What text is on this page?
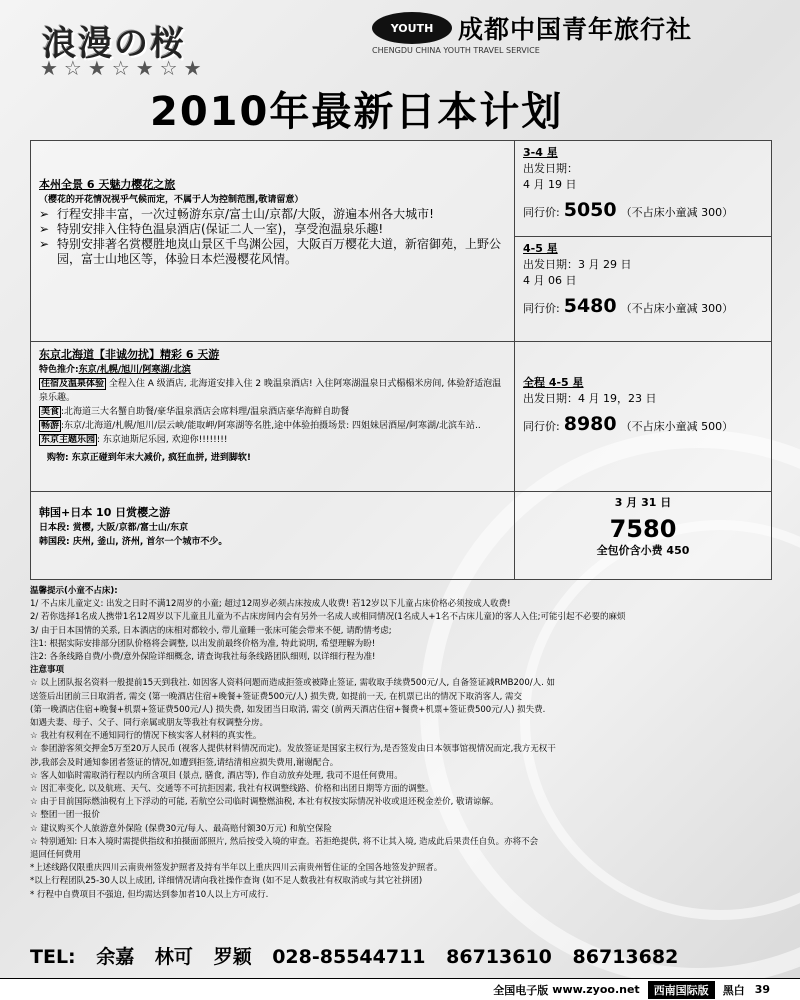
浪漫の桜
★☆★☆★☆★
YOUTH 成都中国青年旅行社
CHENGDU CHINA YOUTH TRAVEL SERVICE
2010年最新日本计划
本州全景 6 天魅力樱花之旅
（樱花的开花情况视乎气候而定，不属于人为控制范围,敬请留意）
➢ 行程安排丰富，一次过畅游东京/富士山/京都/大阪，游遍本州各大城市!
➢ 特别安排入住特色温泉酒店(保证二人一室)，享受泡温泉乐趣!
➢ 特别安排著名赏樱胜地岚山景区千鸟渊公园，大阪百万樱花大道，新宿御苑，上野公园，富士山地区等，体验日本烂漫樱花风情。
3-4 星
出发日期：
4 月 19 日
同行价: 5050 （不占床小童减 300）
4-5 星
出发日期：3 月 29 日
4 月 06 日
同行价: 5480 （不占床小童减 300）
东京北海道【非诚勿扰】精彩 6 天游
特色推介:东京/札幌/旭川/阿寒湖/北滨
住宿及温泉体验 全程入住 A 级酒店, 北海道安排入住 2 晚温泉酒店! 入住阿寒湖温泉日式榻榻米房间, 体验舒适泡温泉乐趣。
美食 :北海道三大名蟹自助餐/豪华温泉酒店会席料理/温泉酒店豪华海鲜自助餐
畅游 :东京/北海道/札幌/旭川/层云峡/能取岬/阿寒湖等名胜,途中体验拍摄场景: 四姐妹居酒屋/阿寒湖/北滨车站..
东京主题乐园 : 东京迪斯尼乐园, 欢迎你!!!!!!!!
购物: 东京正碰到年末大减价, 疯狂血拼, 进到脚软!
全程 4-5 星
出发日期：4 月 19，23 日
同行价: 8980 （不占床小童减 500）
韩国+日本 10 日赏樱之游
日本段: 赏樱, 大阪/京都/富士山/东京
韩国段: 庆州, 釜山, 济州, 首尔一个城市不少。
3 月 31 日
7580
全包价含小费 450
温馨提示(小童不占床):
1/ 不占床儿童定义: 出发之日时不满12周岁的小童; 超过12周岁必须占床按成人收费! 若12岁以下儿童占床价格必须按成人收费!
2/ 若你选择1名成人携带1名12周岁以下儿童且儿童为不占床房间内会有另外一名成人或相同情况(1名成人+1名不占床儿童)的客人入住;可能引起不必要的麻烦
3/ 由于日本国情的关系, 日本酒店的床相对都较小, 带儿童睡一张床可能会带来不便, 请酌情考虑;
注1: 根据实际安排部分团队价格将会调整, 以出发前最终价格为准, 特此说明, 希望理解为盼!
注2: 各条线路自费/小费/意外保险详细概念, 请查询我社每条线路团队细则, 以详细行程为准!
注意事项
☆ 以上团队报名资料一般提前15天到我社. 如因客人资料问题而造成拒签或被降止签证, 需收取手续费500元/人, 自备签证减RMB200/人. 如
送签后出团前三日取消者, 需交 (第一晚酒店住宿+晚餐+签证费500元/人) 损失费, 如提前一天, 在机票已出的情况下取消客人, 需交
(第一晚酒店住宿+晚餐+机票+签证费500元/人) 损失费, 如发团当日取消, 需交 (前两天酒店住宿+餐费+机票+签证费500元/人) 损失费.
如遇夫妻、母子、父子、同行亲属或朋友等我社有权调整分房。
☆ 我社有权利在不通知同行的情况下核实客人材料的真实性。
☆ 参团游客须交押金5万至20万人民币 (视客人提供材料情况而定)。发放签证是国家主权行为,是否签发由日本领事馆视情况而定,我方无权干
涉,我部会及时通知参团者签证的情况,如遭到拒签,请结清相应损失费用,谢谢配合。
☆ 客人如临时需取消行程以内所含项目 (景点, 膳食, 酒店等), 作自动放弃处理, 我司不退任何费用。
☆ 因汇率变化, 以及航班、天气、交通等不可抗拒因素, 我社有权调整线路、价格和出团日期等方面的调整。
☆ 由于目前国际燃油税有上下浮动的可能, 若航空公司临时调整燃油税, 本社有权按实际情况补收或退还税金差价, 敬请谅解。
☆ 整团一团一报价
☆ 建议购买个人旅游意外保险 (保费30元/每人、最高赔付额30万元) 和航空保险
☆ 特别通知: 日本入境时需提供指纹和拍摄面部照片, 然后按受入境的审查。若拒绝提供, 将不让其入境, 造成此后果责任自负。亦将不会
退回任何费用
*上述线路仅限重庆四川云南贵州签发护照者及持有半年以上重庆四川云南贵州暂住证的全国各地签发护照者。
*以上行程团队25-30人以上成团, 详细情况请向我社操作查询 (如不足人数我社有权取消或与其它社拼团)
* 行程中自费项目不强迫, 但均需达到参加者10人以上方可成行.
TEL: 余嘉 林可 罗颖 028-85544711 86713610 86713682
全国电子版 www.zyoo.net	西南国际版	黑白 39
